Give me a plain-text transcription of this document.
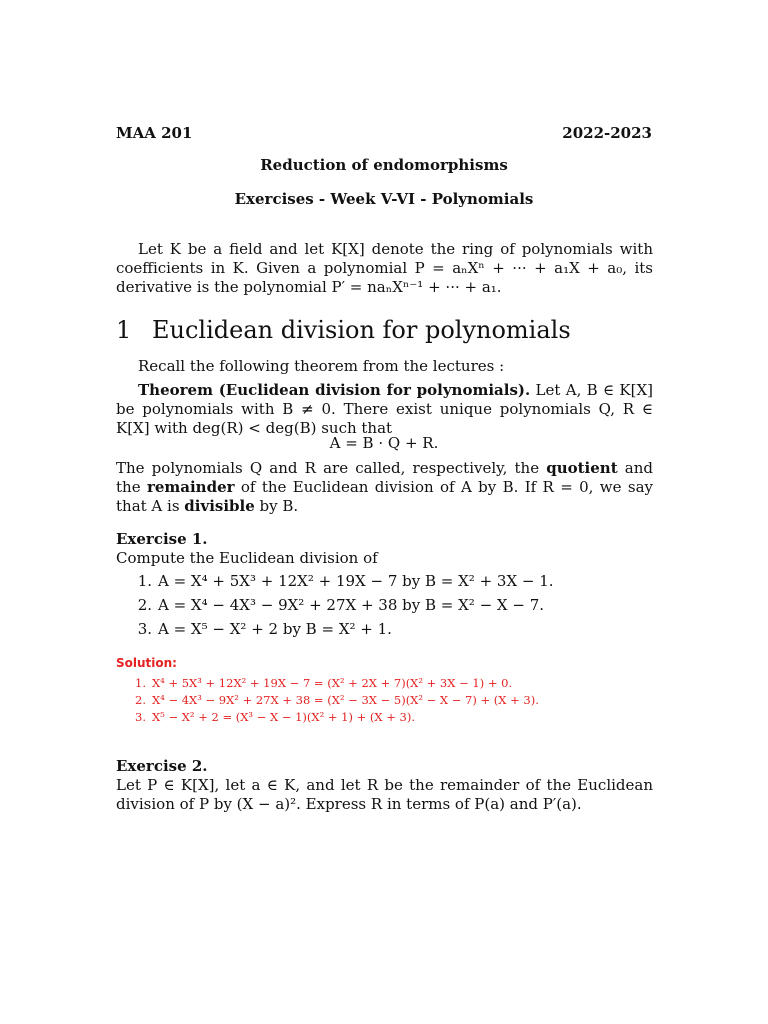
MAA 201	2022-2023
Reduction of endomorphisms
Exercises - Week V-VI - Polynomials
Let K be a field and let K[X] denote the ring of polynomials with coefficients in K. Given a polynomial P = aₙXⁿ + ··· + a₁X + a₀, its derivative is the polynomial P′ = naₙXⁿ⁻¹ + ··· + a₁.
1 Euclidean division for polynomials
Recall the following theorem from the lectures :
Theorem (Euclidean division for polynomials). Let A, B ∈ K[X] be polynomials with B ≠ 0. There exist unique polynomials Q, R ∈ K[X] with deg(R) < deg(B) such that
A = B · Q + R.
The polynomials Q and R are called, respectively, the quotient and the remainder of the Euclidean division of A by B. If R = 0, we say that A is divisible by B.
Exercise 1.
Compute the Euclidean division of
1. A = X⁴ + 5X³ + 12X² + 19X − 7 by B = X² + 3X − 1.
2. A = X⁴ − 4X³ − 9X² + 27X + 38 by B = X² − X − 7.
3. A = X⁵ − X² + 2 by B = X² + 1.
Solution:
1. X⁴ + 5X³ + 12X² + 19X − 7 = (X² + 2X + 7)(X² + 3X − 1) + 0.
2. X⁴ − 4X³ − 9X² + 27X + 38 = (X² − 3X − 5)(X² − X − 7) + (X + 3).
3. X⁵ − X² + 2 = (X³ − X − 1)(X² + 1) + (X + 3).
Exercise 2.
Let P ∈ K[X], let a ∈ K, and let R be the remainder of the Euclidean division of P by (X − a)². Express R in terms of P(a) and P′(a).
